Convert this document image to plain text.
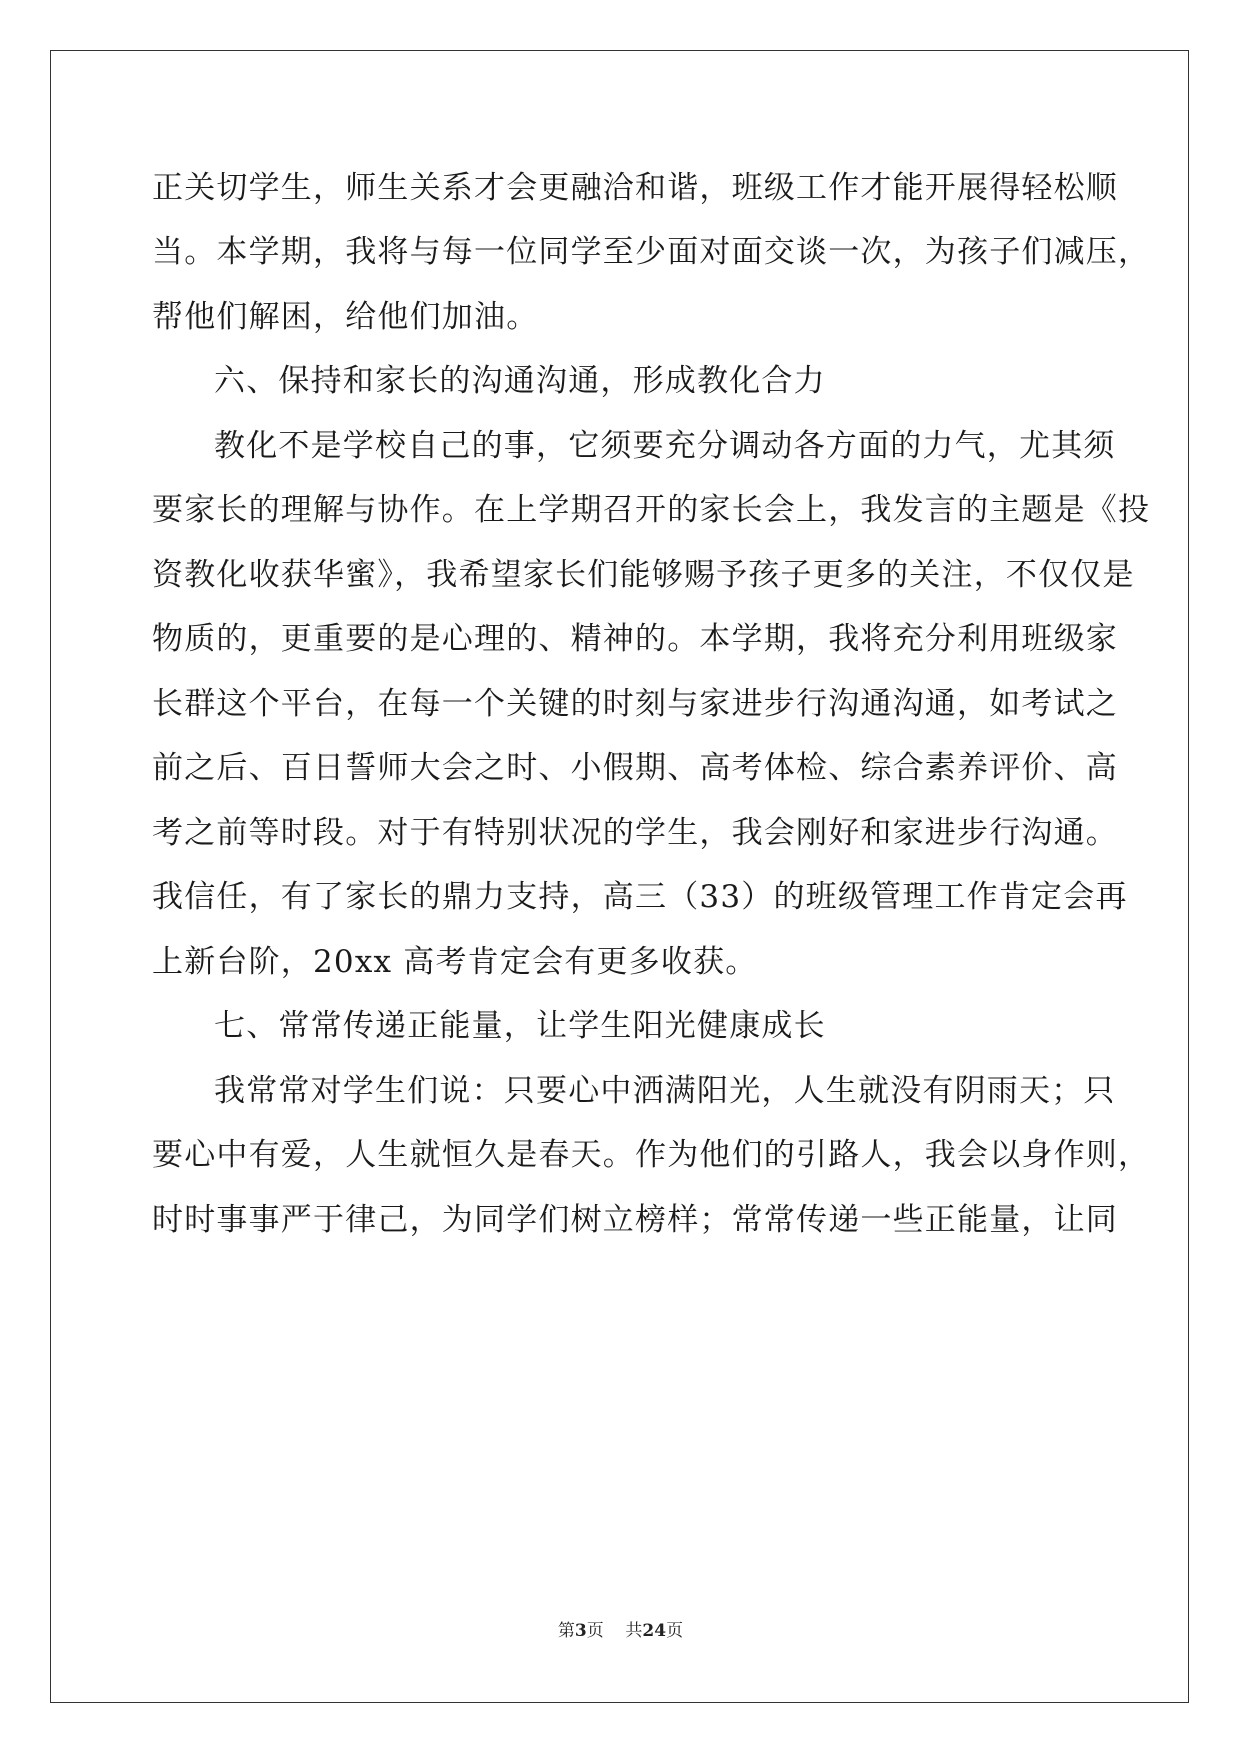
正关切学生，师生关系才会更融洽和谐，班级工作才能开展得轻松顺
当。本学期，我将与每一位同学至少面对面交谈一次，为孩子们减压，
帮他们解困，给他们加油。
六、保持和家长的沟通沟通，形成教化合力
教化不是学校自己的事，它须要充分调动各方面的力气，尤其须
要家长的理解与协作。在上学期召开的家长会上，我发言的主题是《投
资教化收获华蜜》，我希望家长们能够赐予孩子更多的关注，不仅仅是
物质的，更重要的是心理的、精神的。本学期，我将充分利用班级家
长群这个平台，在每一个关键的时刻与家进步行沟通沟通，如考试之
前之后、百日誓师大会之时、小假期、高考体检、综合素养评价、高
考之前等时段。对于有特别状况的学生，我会刚好和家进步行沟通。
我信任，有了家长的鼎力支持，高三（33）的班级管理工作肯定会再
上新台阶，20xx 高考肯定会有更多收获。
七、常常传递正能量，让学生阳光健康成长
我常常对学生们说：只要心中洒满阳光，人生就没有阴雨天；只
要心中有爱，人生就恒久是春天。作为他们的引路人，我会以身作则，
时时事事严于律己，为同学们树立榜样；常常传递一些正能量，让同
第3页 共24页
